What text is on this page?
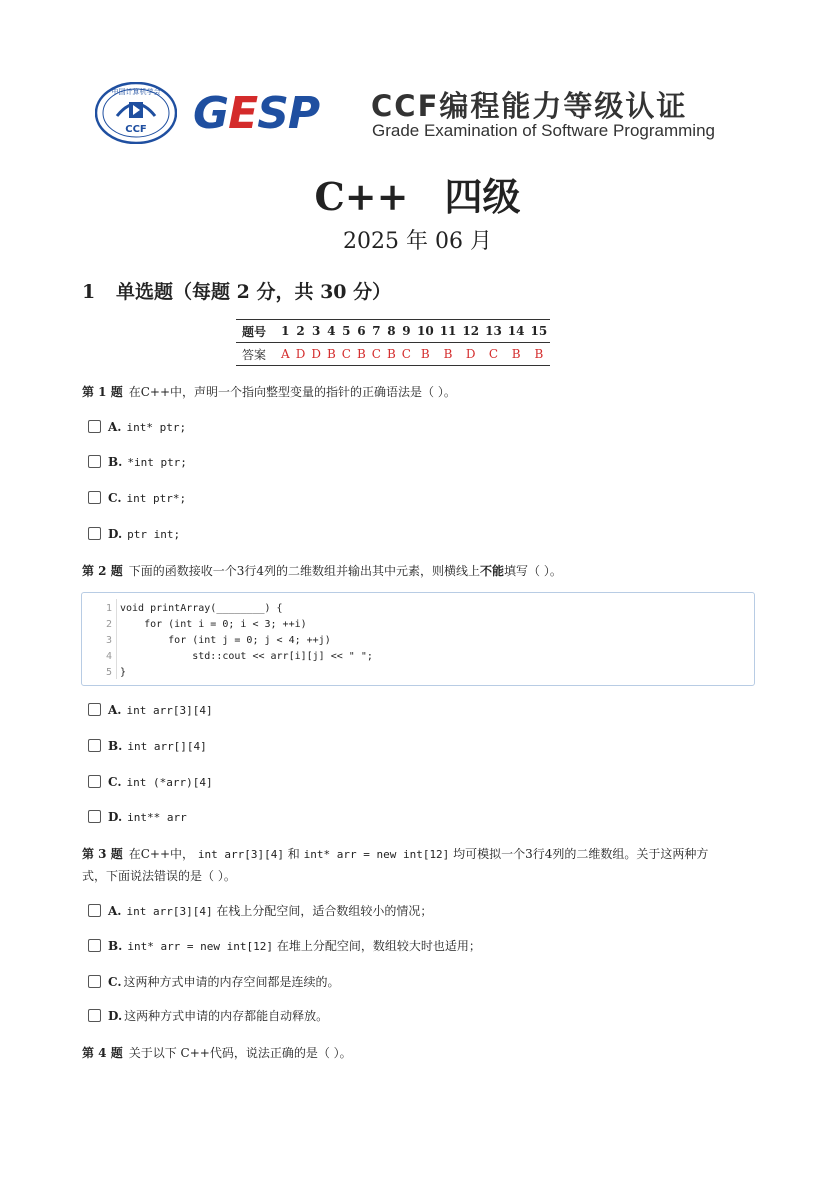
中国计算机学会
CCF GESP CCF编程能力等级认证
Grade Examination of Software Programming
C++ 四级
2025 年 06 月
1 单选题（每题 2 分，共 30 分）
题号	1	2	3	4	5	6	7	8	9	10	11	12	13	14	15
答案	A	D	D	B	C	B	C	B	C	B	B	D	C	B	B
第 1 题 在C++中，声明一个指向整型变量的指针的正确语法是（ ）。
A. int* ptr;
B. *int ptr;
C. int ptr*;
D. ptr int;
第 2 题 下面的函数接收一个3行4列的二维数组并输出其中元素，则横线上不能填写（ ）。
1
2
3
4
5
void printArray(________) {
for (int i = 0; i < 3; ++i)
for (int j = 0; j < 4; ++j)
std::cout << arr[i][j] << " ";
}
A. int arr[3][4]
B. int arr[][4]
C. int (*arr)[4]
D. int** arr
第 3 题 在C++中， int arr[3][4] 和 int* arr = new int[12] 均可模拟一个3行4列的二维数组。关于这两种方
式，下面说法错误的是（ ）。
A. int arr[3][4] 在栈上分配空间，适合数组较小的情况；
B. int* arr = new int[12] 在堆上分配空间，数组较大时也适用；
C. 这两种方式申请的内存空间都是连续的。
D. 这两种方式申请的内存都能自动释放。
第 4 题 关于以下 C++代码，说法正确的是（ ）。
